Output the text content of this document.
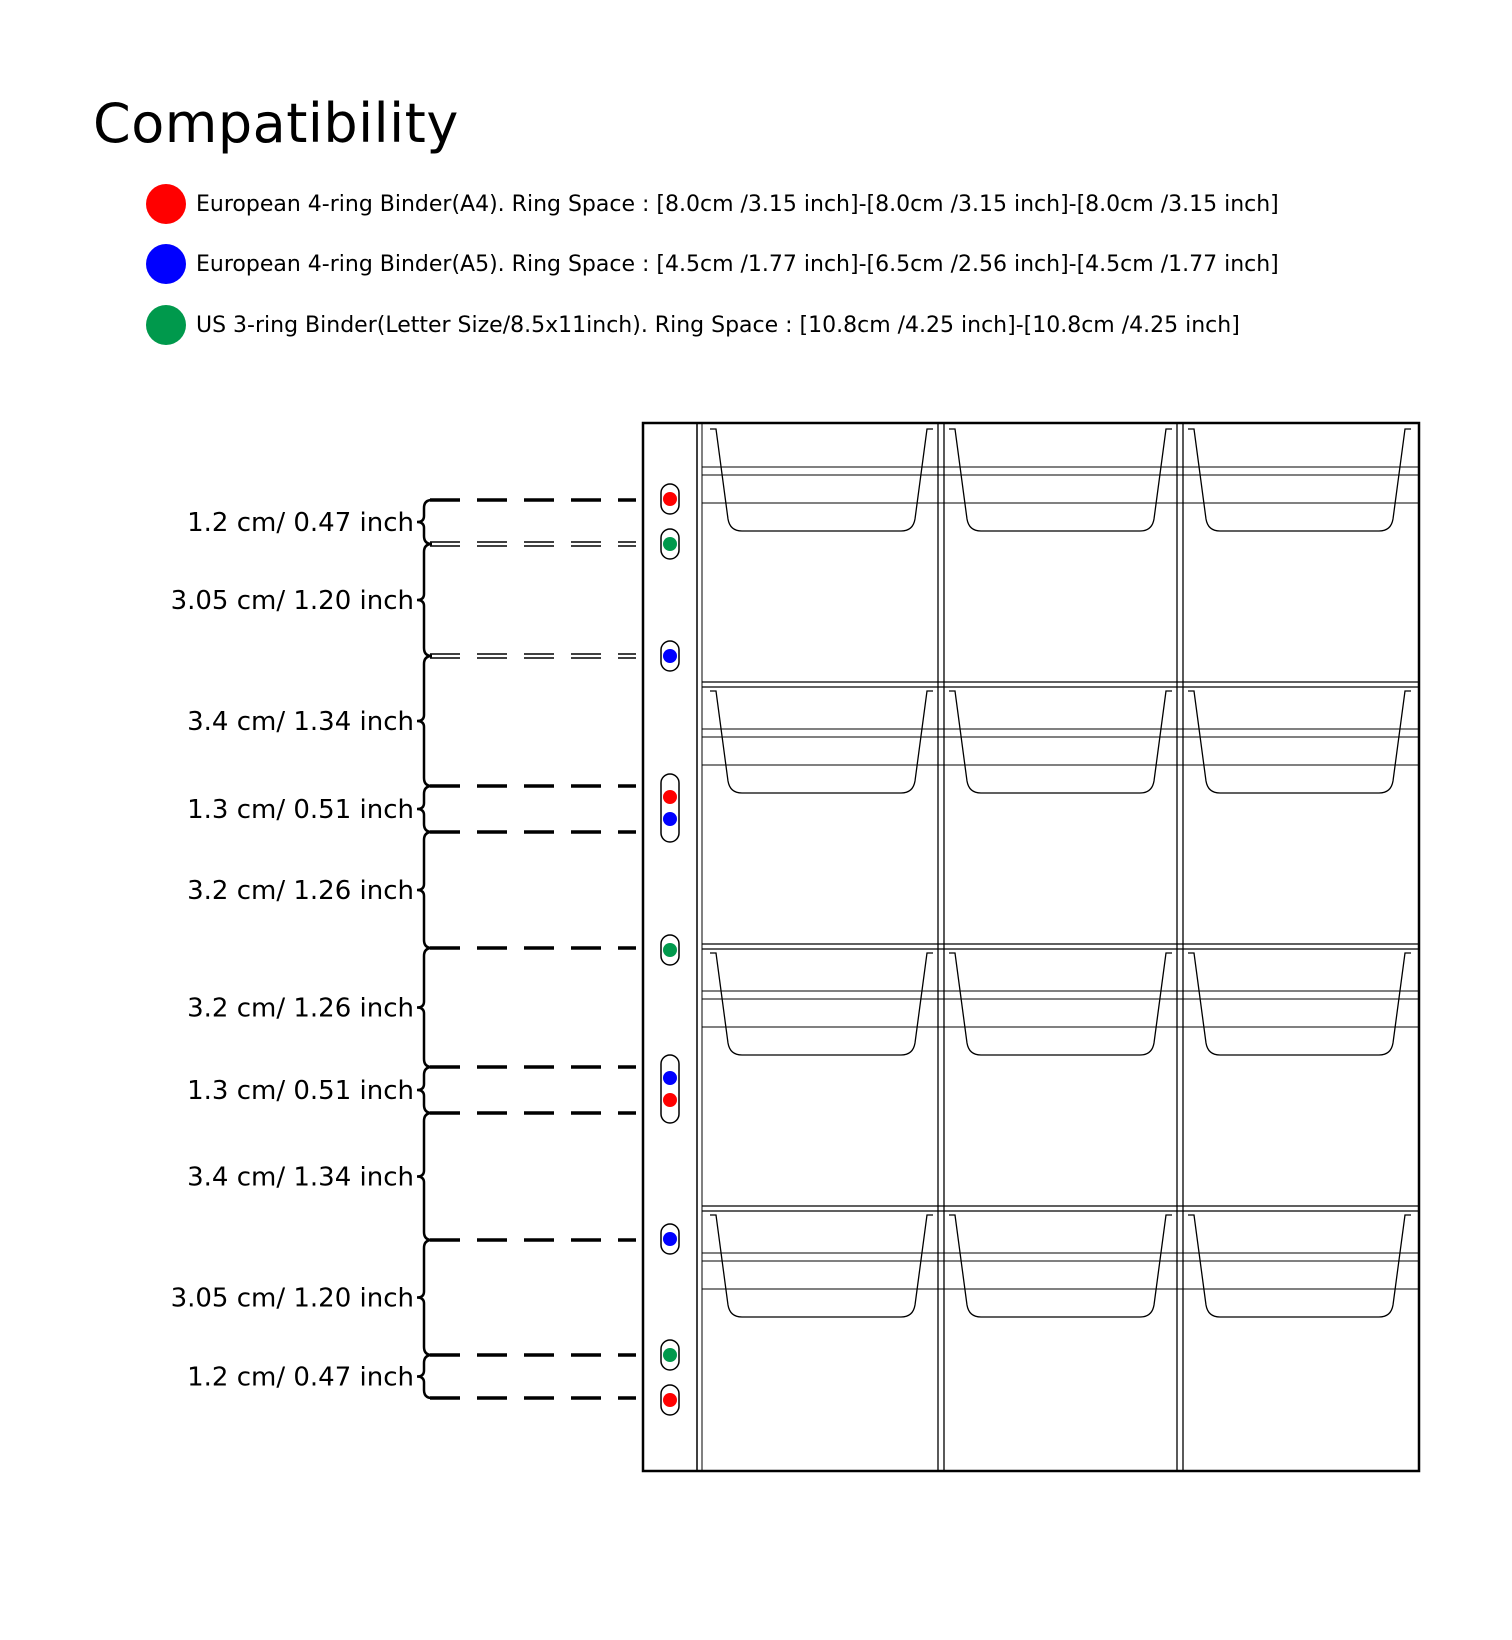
Compatibility
European 4-ring Binder(A4). Ring Space : [8.0cm /3.15 inch]-[8.0cm /3.15 inch]-[8.0cm /3.15 inch]
European 4-ring Binder(A5). Ring Space : [4.5cm /1.77 inch]-[6.5cm /2.56 inch]-[4.5cm /1.77 inch]
US 3-ring Binder(Letter Size/8.5x11inch). Ring Space : [10.8cm /4.25 inch]-[10.8cm /4.25 inch]
1.2 cm/ 0.47 inch
3.05 cm/ 1.20 inch
3.4 cm/ 1.34 inch
1.3 cm/ 0.51 inch
3.2 cm/ 1.26 inch
3.2 cm/ 1.26 inch
1.3 cm/ 0.51 inch
3.4 cm/ 1.34 inch
3.05 cm/ 1.20 inch
1.2 cm/ 0.47 inch
